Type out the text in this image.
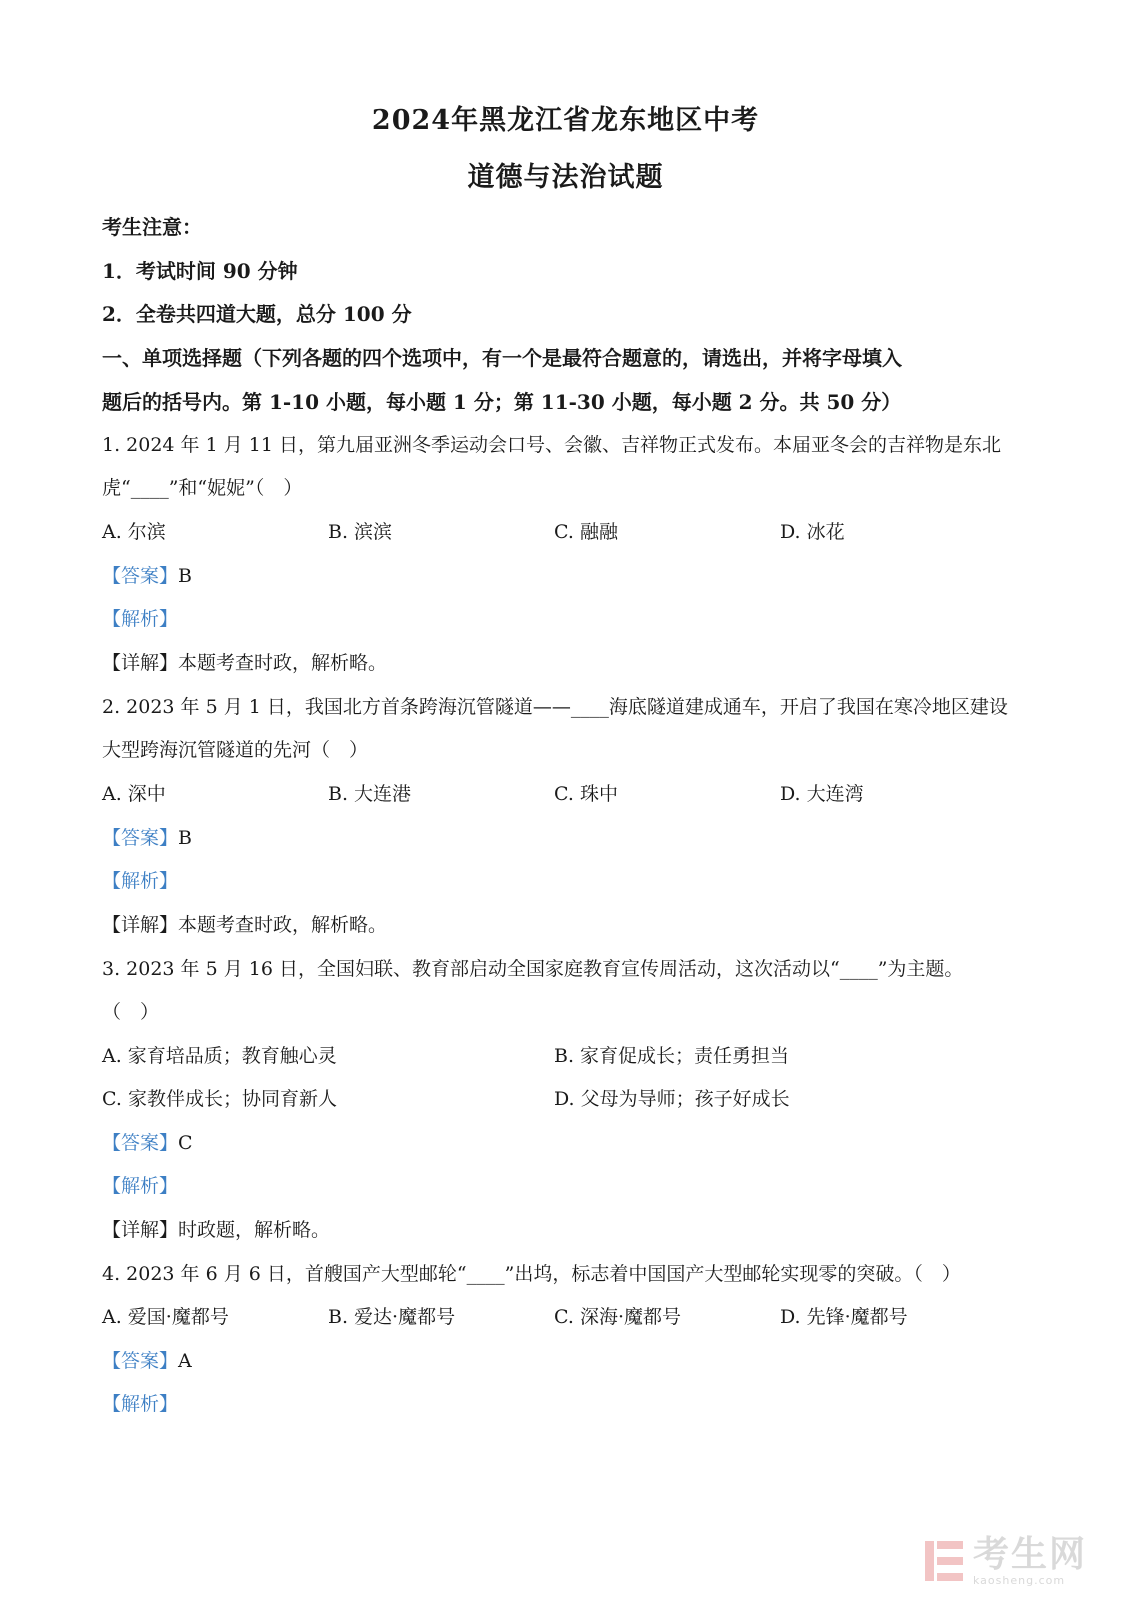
2024年黑龙江省龙东地区中考
道德与法治试题
考生注意：
1．考试时间 90 分钟
2．全卷共四道大题，总分 100 分
一、单项选择题（下列各题的四个选项中，有一个是最符合题意的，请选出，并将字母填入
题后的括号内。第 1-10 小题，每小题 1 分；第 11-30 小题，每小题 2 分。共 50 分）
1. 2024 年 1 月 11 日，第九届亚洲冬季运动会口号、会徽、吉祥物正式发布。本届亚冬会的吉祥物是东北
虎“____”和“妮妮”（　）
A. 尔滨	B. 滨滨	C. 融融	D. 冰花
【答案】B
【解析】
【详解】本题考查时政，解析略。
2. 2023 年 5 月 1 日，我国北方首条跨海沉管隧道——____海底隧道建成通车，开启了我国在寒冷地区建设
大型跨海沉管隧道的先河（　）
A. 深中	B. 大连港	C. 珠中	D. 大连湾
【答案】B
【解析】
【详解】本题考查时政，解析略。
3. 2023 年 5 月 16 日，全国妇联、教育部启动全国家庭教育宣传周活动，这次活动以“____”为主题。
（　）
A. 家育培品质；教育触心灵	B. 家育促成长；责任勇担当
C. 家教伴成长；协同育新人	D. 父母为导师；孩子好成长
【答案】C
【解析】
【详解】时政题，解析略。
4. 2023 年 6 月 6 日，首艘国产大型邮轮“____”出坞，标志着中国国产大型邮轮实现零的突破。（　）
A. 爱国·魔都号	B. 爱达·魔都号	C. 深海·魔都号	D. 先锋·魔都号
【答案】A
【解析】
考生网
kaosheng.com
